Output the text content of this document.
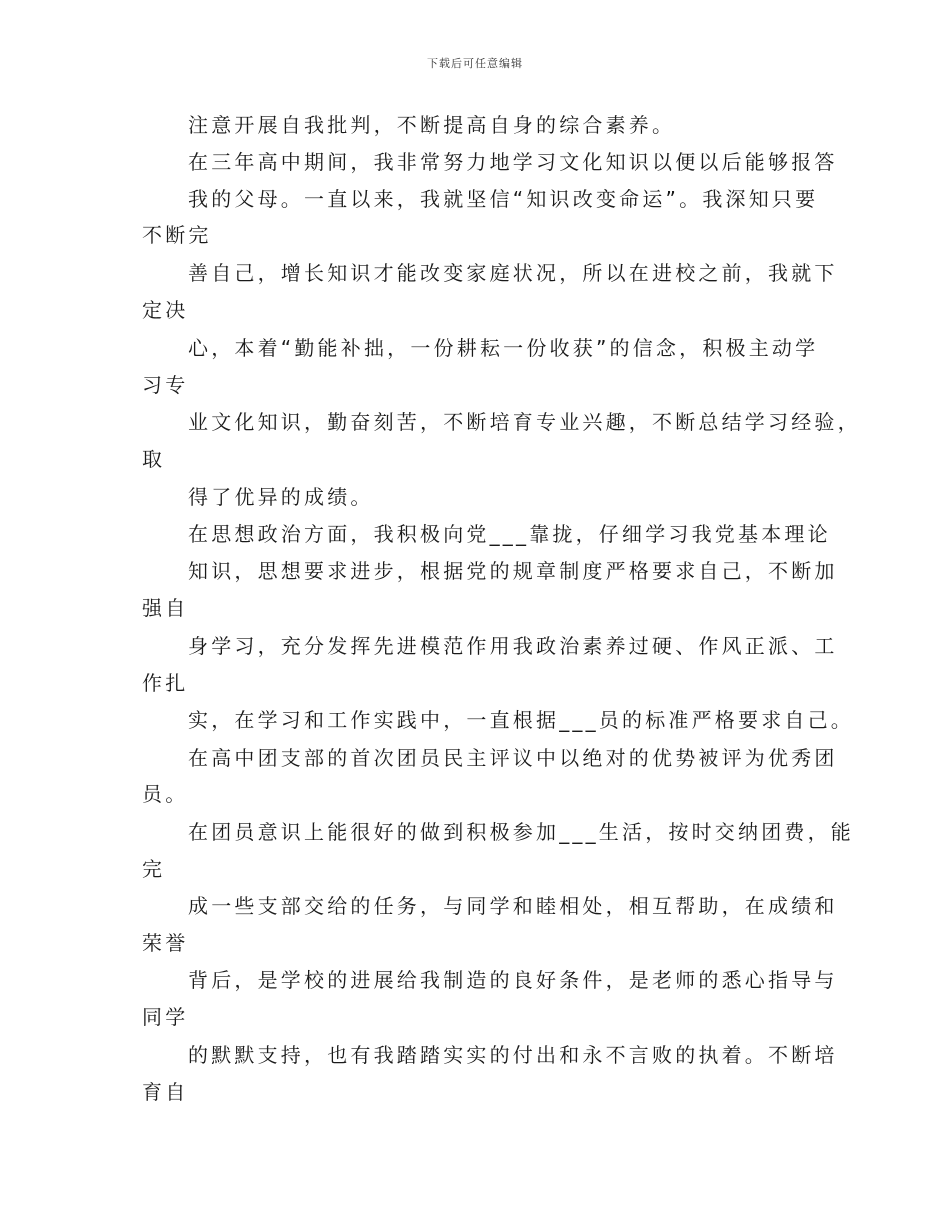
下载后可任意编辑
注意开展自我批判，不断提高自身的综合素养。
在三年高中期间，我非常努力地学习文化知识以便以后能够报答
我的父母。一直以来，我就坚信“知识改变命运”。我深知只要
不断完
善自己，增长知识才能改变家庭状况，所以在进校之前，我就下
定决
心，本着“勤能补拙，一份耕耘一份收获”的信念，积极主动学
习专
业文化知识，勤奋刻苦，不断培育专业兴趣，不断总结学习经验，
取
得了优异的成绩。
在思想政治方面，我积极向党___靠拢，仔细学习我党基本理论
知识，思想要求进步，根据党的规章制度严格要求自己，不断加
强自
身学习，充分发挥先进模范作用我政治素养过硬、作风正派、工
作扎
实，在学习和工作实践中，一直根据___员的标准严格要求自己。
在高中团支部的首次团员民主评议中以绝对的优势被评为优秀团
员。
在团员意识上能很好的做到积极参加___生活，按时交纳团费，能
完
成一些支部交给的任务，与同学和睦相处，相互帮助，在成绩和
荣誉
背后，是学校的进展给我制造的良好条件，是老师的悉心指导与
同学
的默默支持，也有我踏踏实实的付出和永不言败的执着。不断培
育自
